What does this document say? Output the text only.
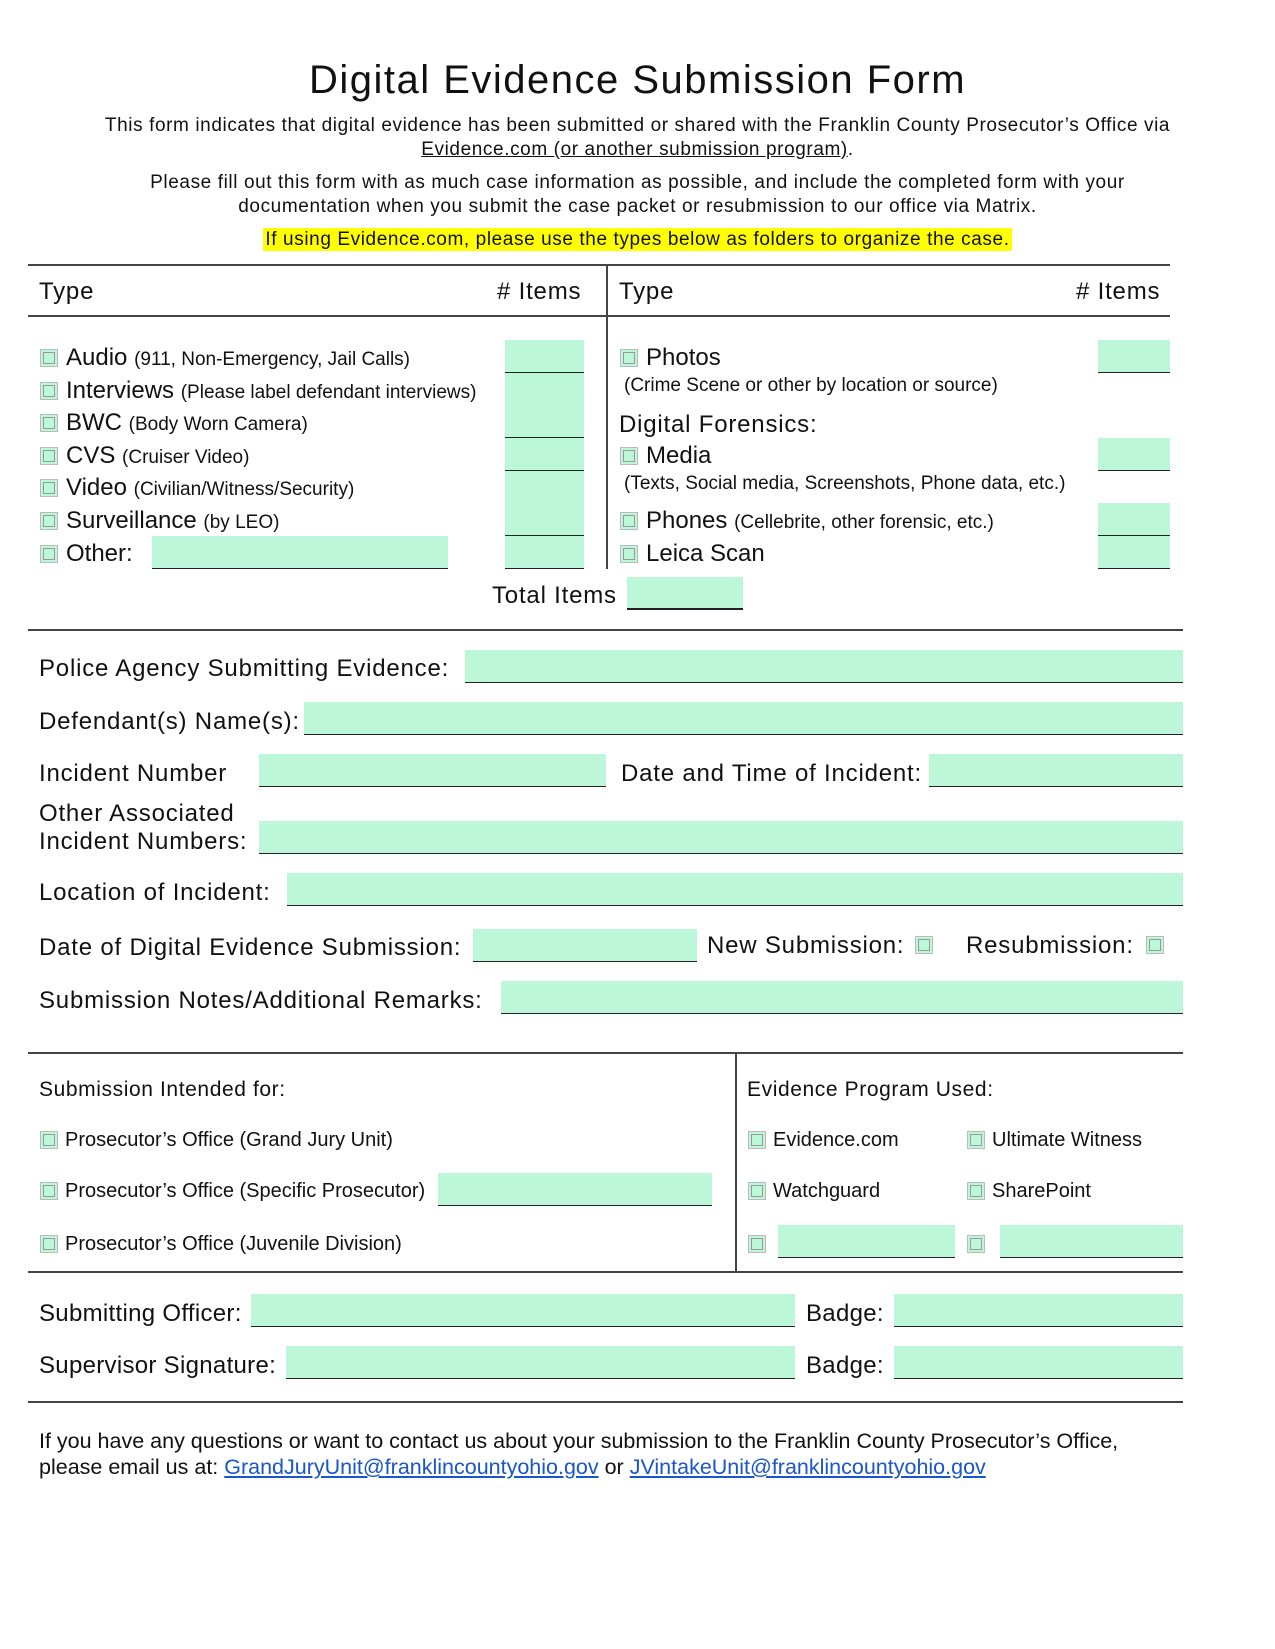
Digital Evidence Submission Form
This form indicates that digital evidence has been submitted or shared with the Franklin County Prosecutor’s Office via
Evidence.com (or another submission program).
Please fill out this form with as much case information as possible, and include the completed form with your
documentation when you submit the case packet or resubmission to our office via Matrix.
If using Evidence.com, please use the types below as folders to organize the case.
Type	# Items Type	# Items
Audio (911, Non-Emergency, Jail Calls)
Interviews (Please label defendant interviews)
BWC (Body Worn Camera)
CVS (Cruiser Video)
Video (Civilian/Witness/Security)
Surveillance (by LEO)
Other:
Photos
(Crime Scene or other by location or source)
Digital Forensics:
Media
(Texts, Social media, Screenshots, Phone data, etc.)
Phones (Cellebrite, other forensic, etc.)
Leica Scan
Total Items
Police Agency Submitting Evidence:
Defendant(s) Name(s):
Incident Number	Date and Time of Incident:
Other Associated
Incident Numbers:
Location of Incident:
Date of Digital Evidence Submission:	New Submission:	Resubmission:
Submission Notes/Additional Remarks:
Submission Intended for:
Prosecutor’s Office (Grand Jury Unit)
Prosecutor’s Office (Specific Prosecutor)
Prosecutor’s Office (Juvenile Division)
Evidence Program Used:
Evidence.com	Ultimate Witness
Watchguard	SharePoint
Submitting Officer:	Badge:
Supervisor Signature:	Badge:
If you have any questions or want to contact us about your submission to the Franklin County Prosecutor’s Office,
please email us at: GrandJuryUnit@franklincountyohio.gov or JVintakeUnit@franklincountyohio.gov
